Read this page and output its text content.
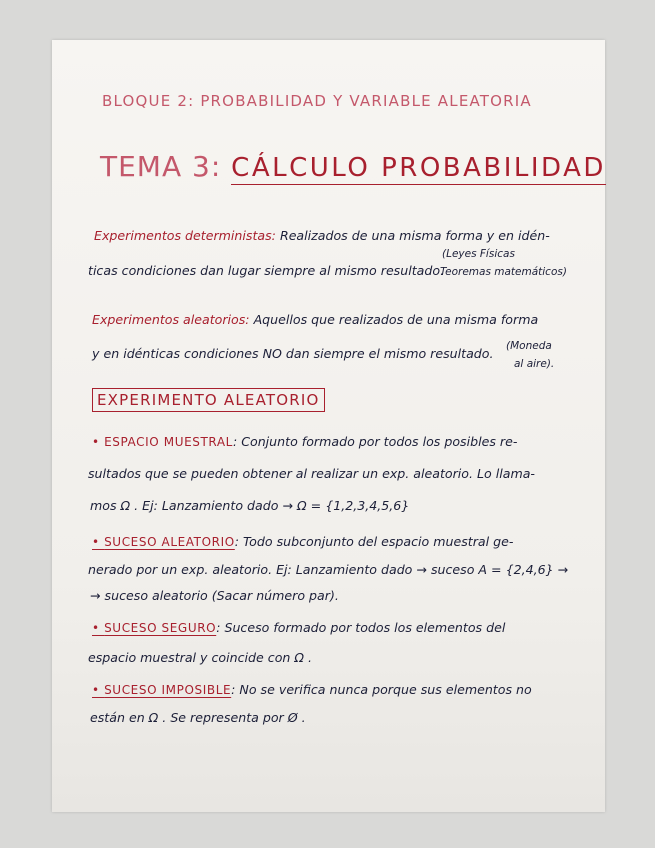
BLOQUE 2: PROBABILIDAD Y VARIABLE ALEATORIA
TEMA 3: CÁLCULO PROBABILIDAD
Experimentos deterministas: Realizados de una misma forma y en idén-
ticas condiciones dan lugar siempre al mismo resultado.
(Leyes Físicas
Teoremas matemáticos)
Experimentos aleatorios: Aquellos que realizados de una misma forma
y en idénticas condiciones NO dan siempre el mismo resultado. (Moneda
al aire).
EXPERIMENTO ALEATORIO
• ESPACIO MUESTRAL: Conjunto formado por todos los posibles re-
sultados que se pueden obtener al realizar un exp. aleatorio. Lo llama-
mos Ω . Ej: Lanzamiento dado → Ω = {1,2,3,4,5,6}
• SUCESO ALEATORIO: Todo subconjunto del espacio muestral ge-
nerado por un exp. aleatorio. Ej: Lanzamiento dado → suceso A = {2,4,6} →
→ suceso aleatorio (Sacar número par).
• SUCESO SEGURO: Suceso formado por todos los elementos del
espacio muestral y coincide con Ω .
• SUCESO IMPOSIBLE: No se verifica nunca porque sus elementos no
están en Ω . Se representa por Ø .
